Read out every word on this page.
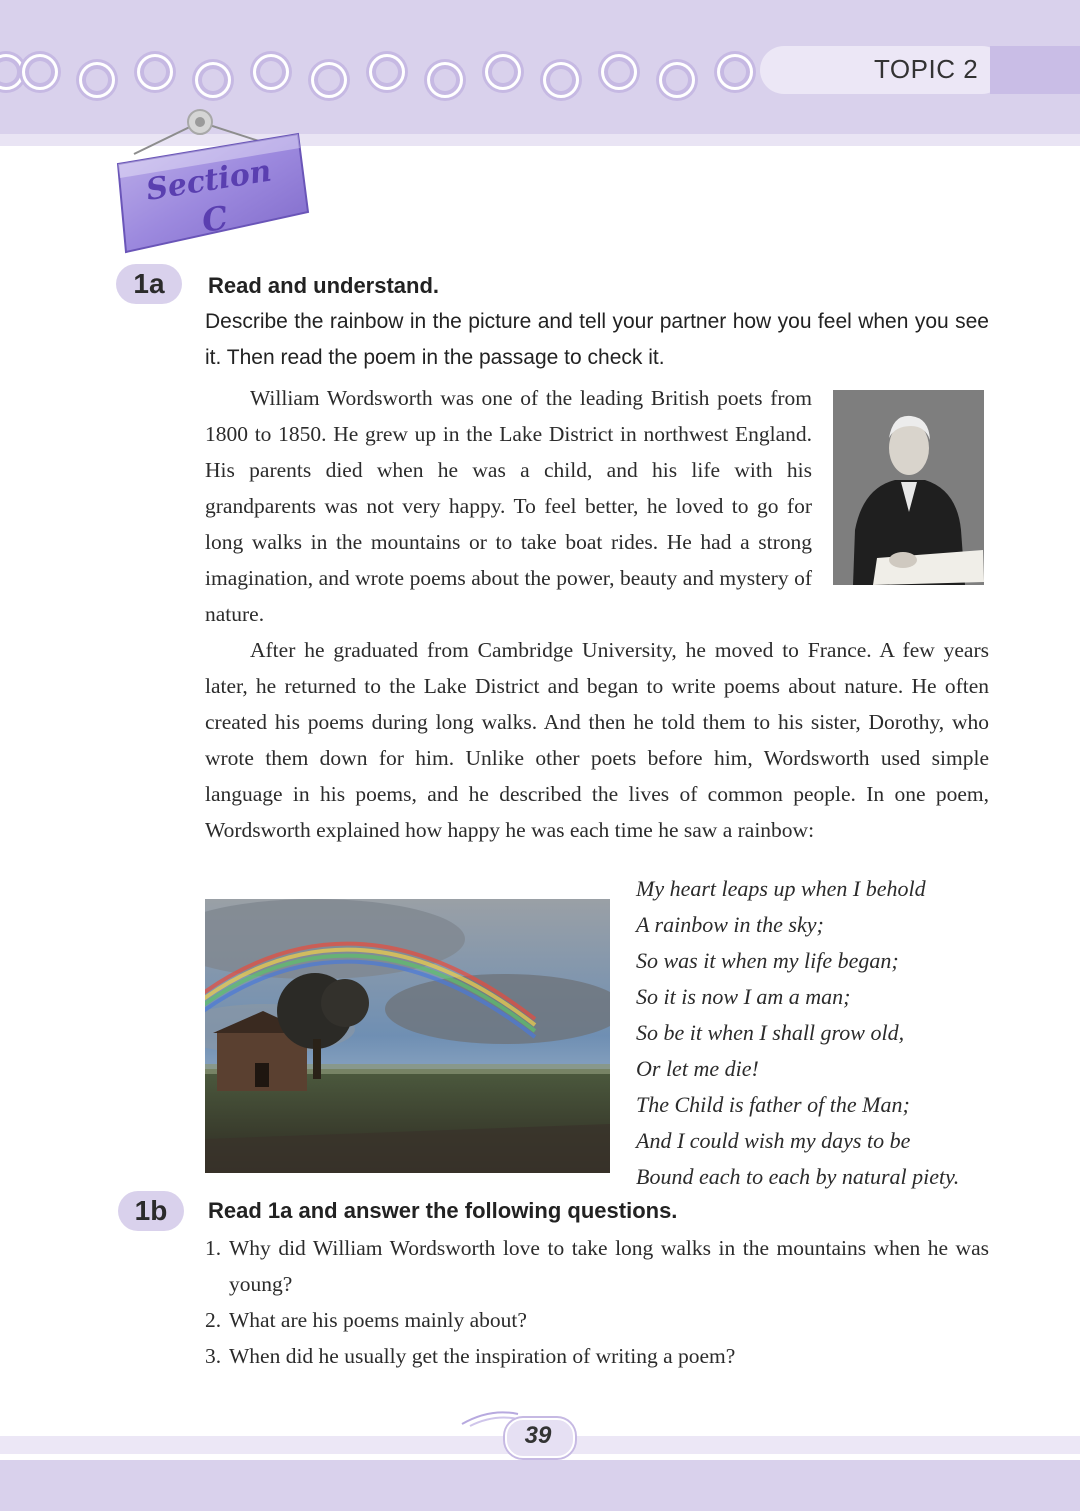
TOPIC 2
Section
C
1a	Read and understand.
Describe the rainbow in the picture and tell your partner how you feel when you see it. Then read the poem in the passage to check it.

William Wordsworth was one of the leading British poets from 1800 to 1850. He grew up in the Lake District in northwest England. His parents died when he was a child, and his life with his grandparents was not very happy. To feel better, he loved to go for long walks in the mountains or to take boat rides. He had a strong imagination, and wrote poems about the power, beauty and mystery of nature.

After he graduated from Cambridge University, he moved to France. A few years later, he returned to the Lake District and began to write poems about nature. He often created his poems during long walks. And then he told them to his sister, Dorothy, who wrote them down for him. Unlike other poets before him, Wordsworth used simple language in his poems, and he described the lives of common people. In one poem, Wordsworth explained how happy he was each time he saw a rainbow:

My heart leaps up when I behold
A rainbow in the sky;
So was it when my life began;
So it is now I am a man;
So be it when I shall grow old,
Or let me die!
The Child is father of the Man;
And I could wish my days to be
Bound each to each by natural piety.
1b	Read 1a and answer the following questions.
1. Why did William Wordsworth love to take long walks in the mountains when he was young?
2. What are his poems mainly about?
3. When did he usually get the inspiration of writing a poem?
39
